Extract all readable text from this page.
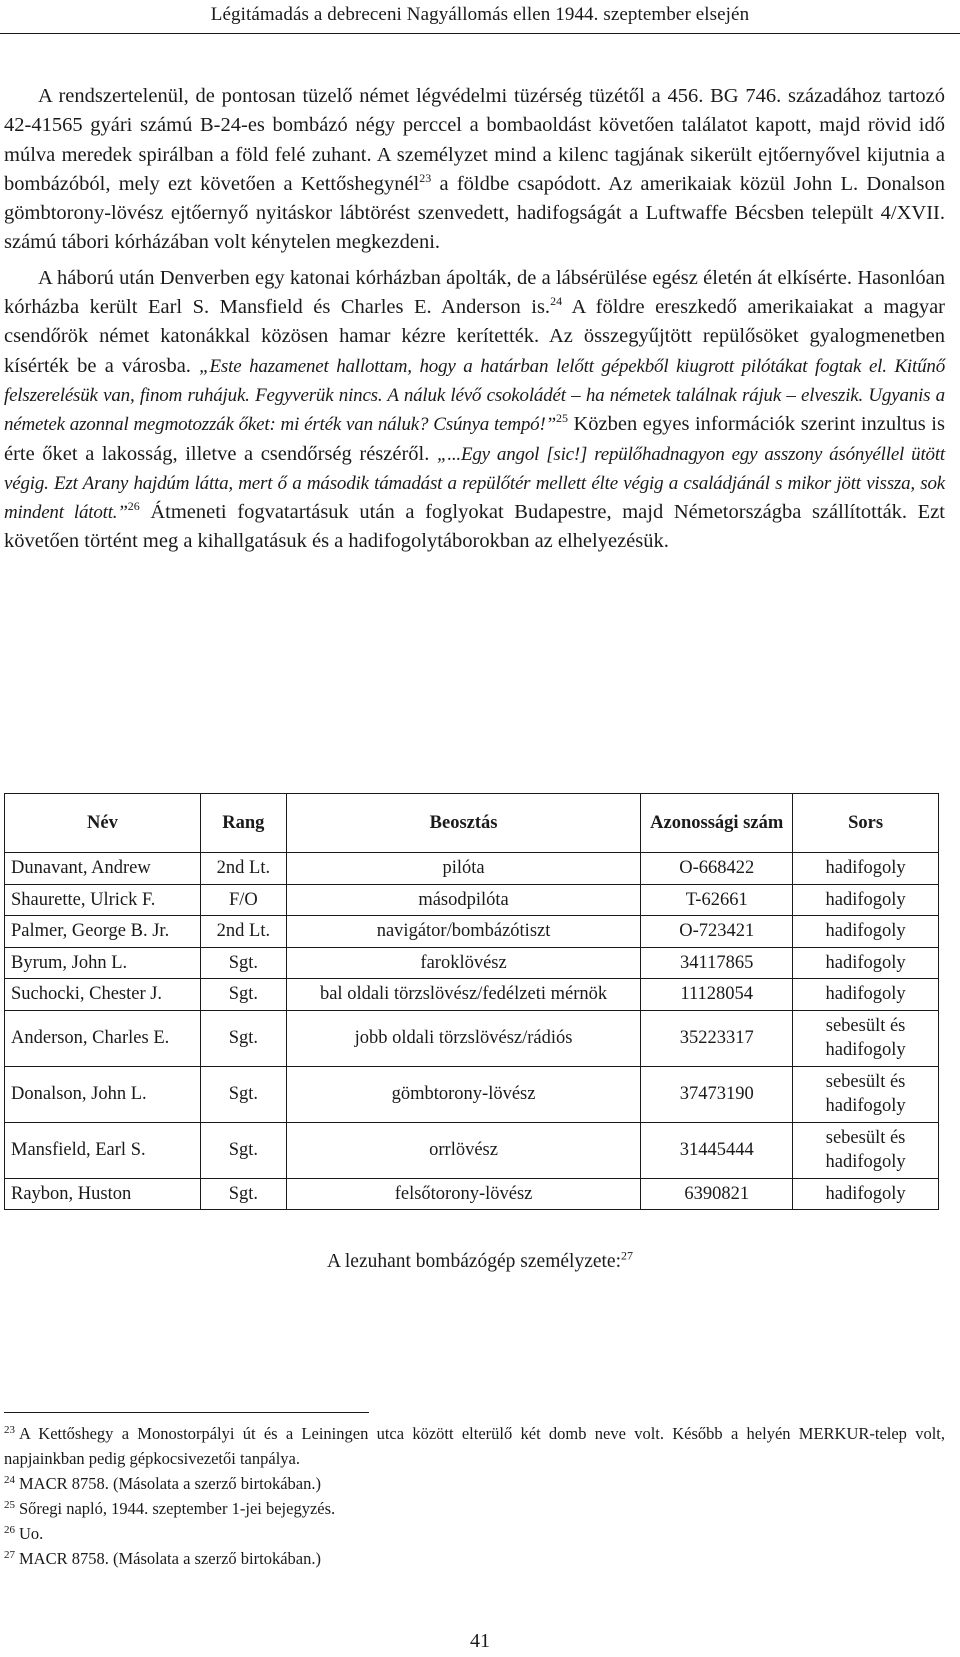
Légitámadás a debreceni Nagyállomás ellen 1944. szeptember elsején

A rendszertelenül, de pontosan tüzelő német légvédelmi tüzérség tüzétől a 456. BG 746. századához tartozó 42-41565 gyári számú B-24-es bombázó négy perccel a bombaoldást követően találatot kapott, majd rövid idő múlva meredek spirálban a föld felé zuhant. A személyzet mind a kilenc tagjának sikerült ejtőernyővel kijutnia a bombázóból, mely ezt követően a Kettőshegynél$^{23}$ a földbe csapódott. Az amerikaiak közül John L. Donalson gömbtorony-lövész ejtőernyő nyitáskor lábtörést szenvedett, hadifogságát a Luftwaffe Bécsben települt 4/XVII. számú tábori kórházában volt kénytelen megkezdeni.

A háború után Denverben egy katonai kórházban ápolták, de a lábsérülése egész életén át elkísérte. Hasonlóan kórházba került Earl S. Mansfield és Charles E. Anderson is.$^{24}$ A földre ereszkedő amerikaiakat a magyar csendőrök német katonákkal közösen hamar kézre kerítették. Az összegyűjtött repülősöket gyalogmenetben kísérték be a városba. „Este hazamenet hallottam, hogy a határban lelőtt gépekből kiugrott pilótákat fogtak el. Kitűnő felszerelésük van, finom ruhájuk. Fegyverük nincs. A náluk lévő csokoládét – ha németek találnak rájuk – elveszik. Ugyanis a németek azonnal megmotozzák őket: mi érték van náluk? Csúnya tempó!”$^{25}$ Közben egyes információk szerint inzultus is érte őket a lakosság, illetve a csendőrség részéről. „...Egy angol [sic!] repülőhadnagyon egy asszony ásónyéllel ütött végig. Ezt Arany hajdúm látta, mert ő a második támadást a repülőtér mellett élte végig a családjánál s mikor jött vissza, sok mindent látott.”$^{26}$ Átmeneti fogvatartásuk után a foglyokat Budapestre, majd Németországba szállították. Ezt követően történt meg a kihallgatásuk és a hadifogolytáborokban az elhelyezésük.

Név	Rang	Beosztás	Azonossági szám	Sors
Dunavant, Andrew	2nd Lt.	pilóta	O-668422	hadifogoly
Shaurette, Ulrick F.	F/O	másodpilóta	T-62661	hadifogoly
Palmer, George B. Jr.	2nd Lt.	navigátor/bombázótiszt	O-723421	hadifogoly
Byrum, John L.	Sgt.	faroklövész	34117865	hadifogoly
Suchocki, Chester J.	Sgt.	bal oldali törzslövész/fedélzeti mérnök	11128054	hadifogoly
Anderson, Charles E.	Sgt.	jobb oldali törzslövész/rádiós	35223317	sebesült és hadifogoly
Donalson, John L.	Sgt.	gömbtorony-lövész	37473190	sebesült és hadifogoly
Mansfield, Earl S.	Sgt.	orrlövész	31445444	sebesült és hadifogoly
Raybon, Huston	Sgt.	felsőtorony-lövész	6390821	hadifogoly
A lezuhant bombázógép személyzete:$^{27}$

$^{23}$ A Kettőshegy a Monostorpályi út és a Leiningen utca között elterülő két domb neve volt. Később a helyén MERKUR-telep volt, napjainkban pedig gépkocsivezetői tanpálya.

$^{24}$ MACR 8758. (Másolata a szerző birtokában.)

$^{25}$ Sőregi napló, 1944. szeptember 1-jei bejegyzés.

$^{26}$ Uo.

$^{27}$ MACR 8758. (Másolata a szerző birtokában.)

41
